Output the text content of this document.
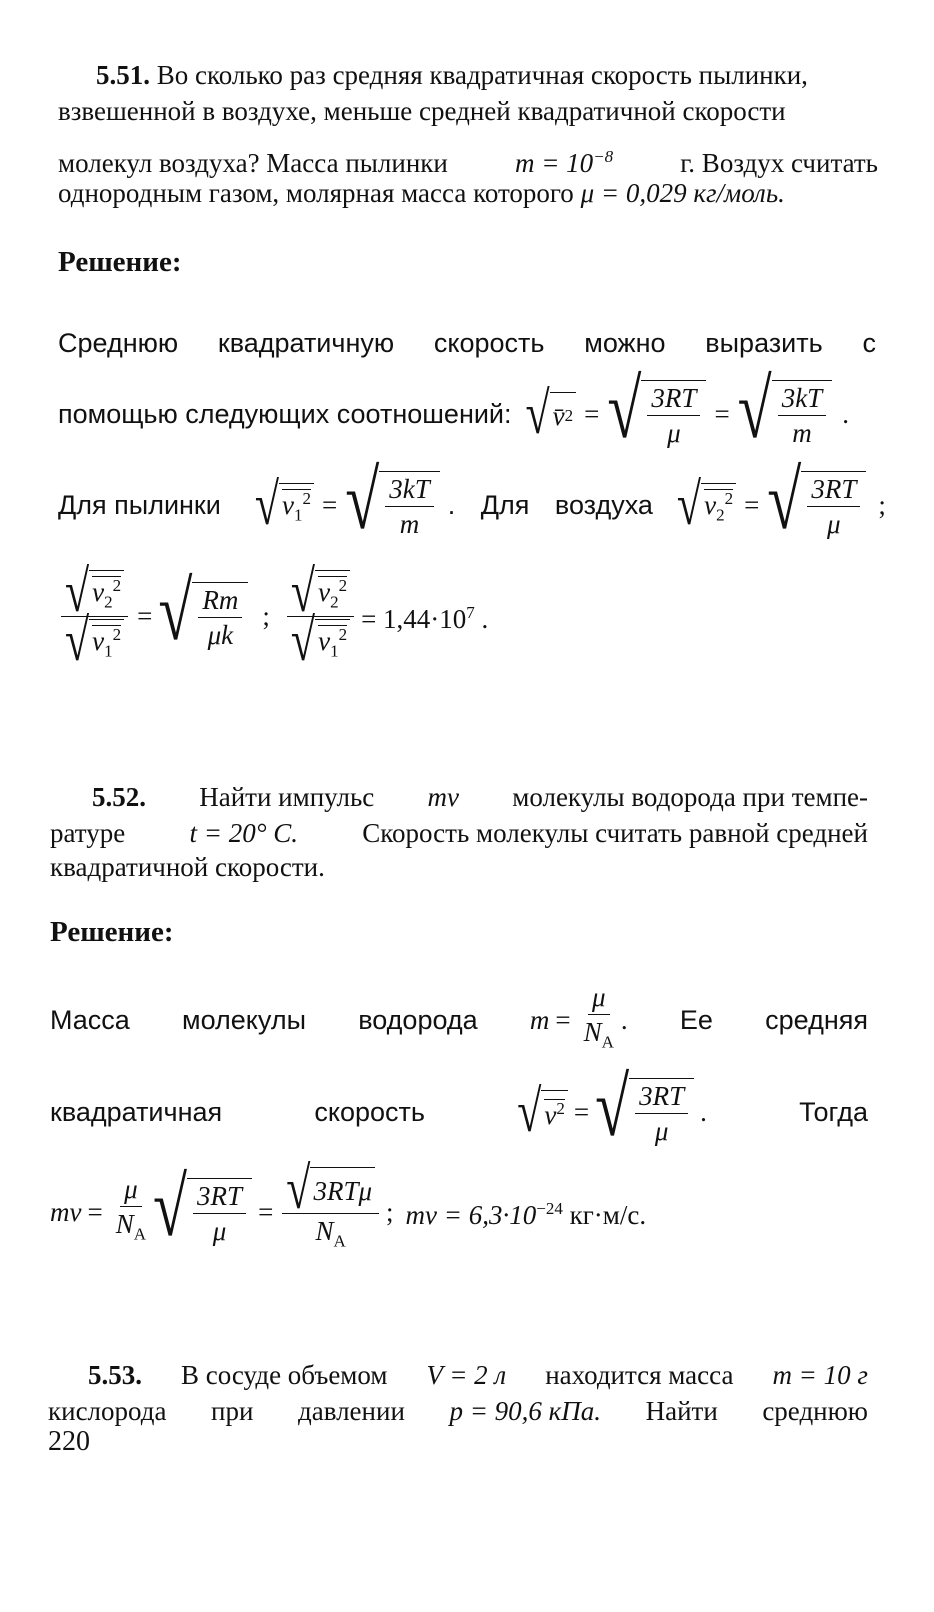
5.51. Во сколько раз средняя квадратичная скорость пылинки,
взвешенной в воздухе, меньше средней квадратичной скорости
молекул воздуха? Масса пылинки $m = 10^{-8}$ г. Воздух считать
однородным газом, молярная масса которого μ = 0,029 кг/моль.
Решение:
Среднюю квадратичную скорость можно выразить с
помощью следующих соотношений: √ v̄ 2 = √ $\frac{3RT}{\mu}$ = √ $\frac{3kT}{m}$ .
Для пылинки √ $v_1^2$ = √ $\frac{3kT}{m}$ . Для воздуха √ $v_2^2$ = √ $\frac{3RT}{\mu}$ ;
$\frac{√ v_2^2}{√ v_1^2}$ = √ $\frac{Rm}{\mu k}$ ; $\frac{√ v_2^2}{√ v_1^2} = 1,44\cdot 10^7$ .
5.52. Найти импульс mv молекулы водорода при темпе-
ратуре t = 20° C. Скорость молекулы считать равной средней
квадратичной скорости.
Решение:
Масса молекулы водорода $m = \frac{\mu}{N_A}$ . Ее средняя
квадратичная	скорость √ $v^2$ = √ $\frac{3RT}{\mu}$ .	Тогда
mv = $\frac{\mu}{N_A}$ √ $\frac{3RT}{\mu} = \frac{\text{√ 3RTμ}}{N_A}$ ; mv = $6,3\cdot 10^{-24}$ кг·м/с.
5.53. В сосуде объемом V = 2 л находится масса m = 10 г
кислорода при давлении p = 90,6 кПа. Найти среднюю
220
